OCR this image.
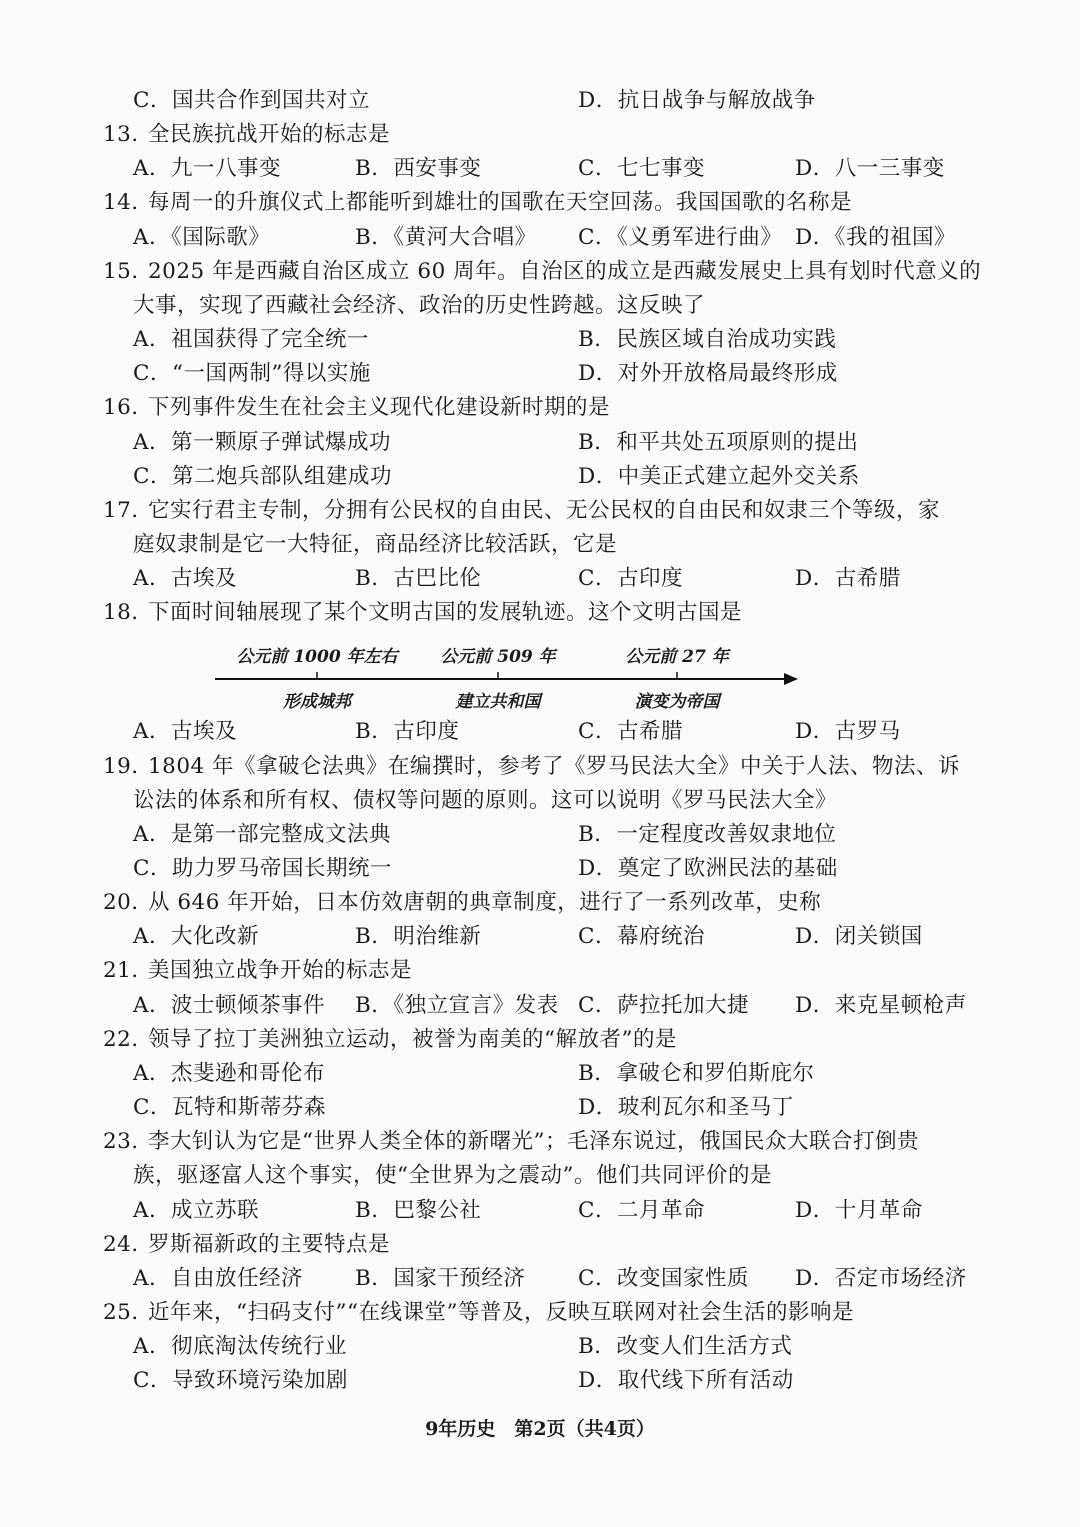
公元前 1000 年左右	公元前 509 年	公元前 27 年
形成城邦	建立共和国	演变为帝国
9年历史　第2页（共4页）
C．国共合作到国共对立	D．抗日战争与解放战争
13．
全民族抗战开始的标志是
A．九一八事变	B．西安事变	C．七七事变	D．八一三事变
14．
每周一的升旗仪式上都能听到雄壮的国歌在天空回荡。我国国歌的名称是
A．《国际歌》	B．《黄河大合唱》 C．《义勇军进行曲》 D．《我的祖国》
15．
2025 年是西藏自治区成立 60 周年。自治区的成立是西藏发展史上具有划时代意义的
大事，实现了西藏社会经济、政治的历史性跨越。这反映了
A．祖国获得了完全统一	B．民族区域自治成功实践
C．“一国两制”得以实施	D．对外开放格局最终形成
16．
下列事件发生在社会主义现代化建设新时期的是
A．第一颗原子弹试爆成功	B．和平共处五项原则的提出
C．第二炮兵部队组建成功	D．中美正式建立起外交关系
17．
它实行君主专制，分拥有公民权的自由民、无公民权的自由民和奴隶三个等级，家
庭奴隶制是它一大特征，商品经济比较活跃，它是
A．古埃及	B．古巴比伦	C．古印度	D．古希腊
18．
下面时间轴展现了某个文明古国的发展轨迹。这个文明古国是
A．古埃及	B．古印度	C．古希腊	D．古罗马
19．
1804 年《拿破仑法典》在编撰时，参考了《罗马民法大全》中关于人法、物法、诉
讼法的体系和所有权、债权等问题的原则。这可以说明《罗马民法大全》
A．是第一部完整成文法典	B．一定程度改善奴隶地位
C．助力罗马帝国长期统一	D．奠定了欧洲民法的基础
20．
从 646 年开始，日本仿效唐朝的典章制度，进行了一系列改革，史称
A．大化改新	B．明治维新	C．幕府统治	D．闭关锁国
21．
美国独立战争开始的标志是
A．波士顿倾茶事件 B．《独立宣言》发表 C．萨拉托加大捷 D．来克星顿枪声
22．
领导了拉丁美洲独立运动，被誉为南美的“解放者”的是
A．杰斐逊和哥伦布	B．拿破仑和罗伯斯庇尔
C．瓦特和斯蒂芬森	D．玻利瓦尔和圣马丁
23．
李大钊认为它是“世界人类全体的新曙光”；毛泽东说过，俄国民众大联合打倒贵
族，驱逐富人这个事实，使“全世界为之震动”。他们共同评价的是
A．成立苏联	B．巴黎公社	C．二月革命	D．十月革命
24．
罗斯福新政的主要特点是
A．自由放任经济 B．国家干预经济 C．改变国家性质 D．否定市场经济
25．
近年来，“扫码支付”“在线课堂”等普及，反映互联网对社会生活的影响是
A．彻底淘汰传统行业	B．改变人们生活方式
C．导致环境污染加剧	D．取代线下所有活动
